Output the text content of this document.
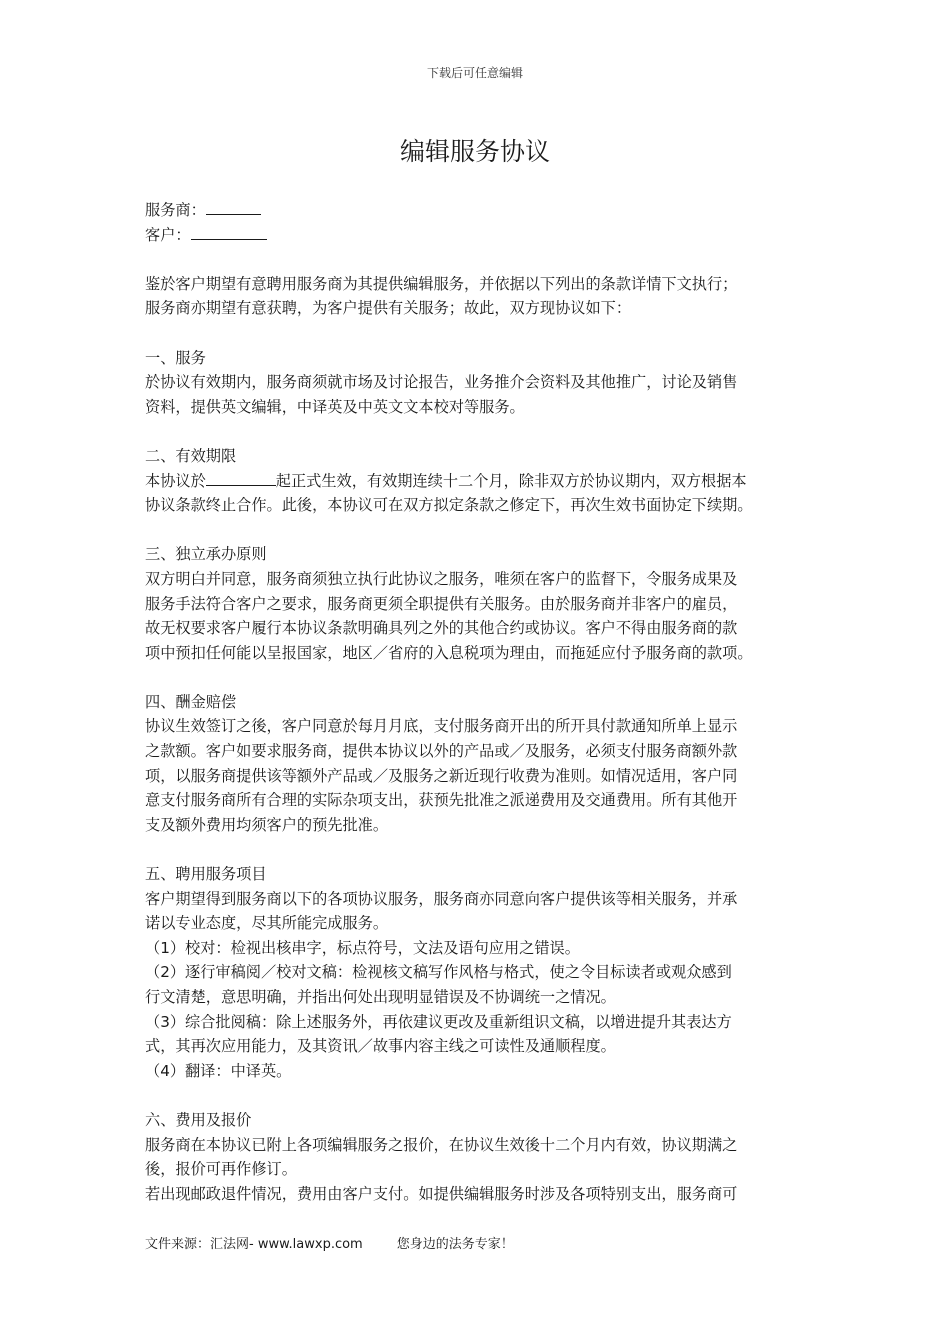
下载后可任意编辑
编辑服务协议

服务商：

客户：

鉴於客户期望有意聘用服务商为其提供编辑服务，并依据以下列出的条款详情下文执行；

服务商亦期望有意获聘，为客户提供有关服务；故此，双方现协议如下：

一、服务

於协议有效期内，服务商须就市场及讨论报告，业务推介会资料及其他推广，讨论及销售

资料，提供英文编辑，中译英及中英文文本校对等服务。

二、有效期限

本协议於	起正式生效，有效期连续十二个月，除非双方於协议期内，双方根据本

协议条款终止合作。此後，本协议可在双方拟定条款之修定下，再次生效书面协定下续期。

三、独立承办原则

双方明白并同意，服务商须独立执行此协议之服务，唯须在客户的监督下，令服务成果及

服务手法符合客户之要求，服务商更须全职提供有关服务。由於服务商并非客户的雇员，

故无权要求客户履行本协议条款明确具列之外的其他合约或协议。客户不得由服务商的款

项中预扣任何能以呈报国家，地区／省府的入息税项为理由，而拖延应付予服务商的款项。

四、酬金赔偿

协议生效签订之後，客户同意於每月月底，支付服务商开出的所开具付款通知所单上显示

之款额。客户如要求服务商，提供本协议以外的产品或／及服务，必须支付服务商额外款

项，以服务商提供该等额外产品或／及服务之新近现行收费为准则。如情况适用，客户同

意支付服务商所有合理的实际杂项支出，获预先批准之派递费用及交通费用。所有其他开

支及额外费用均须客户的预先批准。

五、聘用服务项目

客户期望得到服务商以下的各项协议服务，服务商亦同意向客户提供该等相关服务，并承

诺以专业态度，尽其所能完成服务。

（1）校对：检视出核串字，标点符号，文法及语句应用之错误。

（2）逐行审稿阅／校对文稿：检视核文稿写作风格与格式，使之令目标读者或观众感到

行文清楚，意思明确，并指出何处出现明显错误及不协调统一之情况。

（3）综合批阅稿：除上述服务外，再依建议更改及重新组识文稿，以增进提升其表达方

式，其再次应用能力，及其资讯／故事内容主线之可读性及通顺程度。

（4）翻译：中译英。

六、费用及报价

服务商在本协议已附上各项编辑服务之报价，在协议生效後十二个月内有效，协议期满之

後，报价可再作修订。

若出现邮政退件情况，费用由客户支付。如提供编辑服务时涉及各项特别支出，服务商可

文件来源：汇法网- www.lawxp.com	您身边的法务专家！
